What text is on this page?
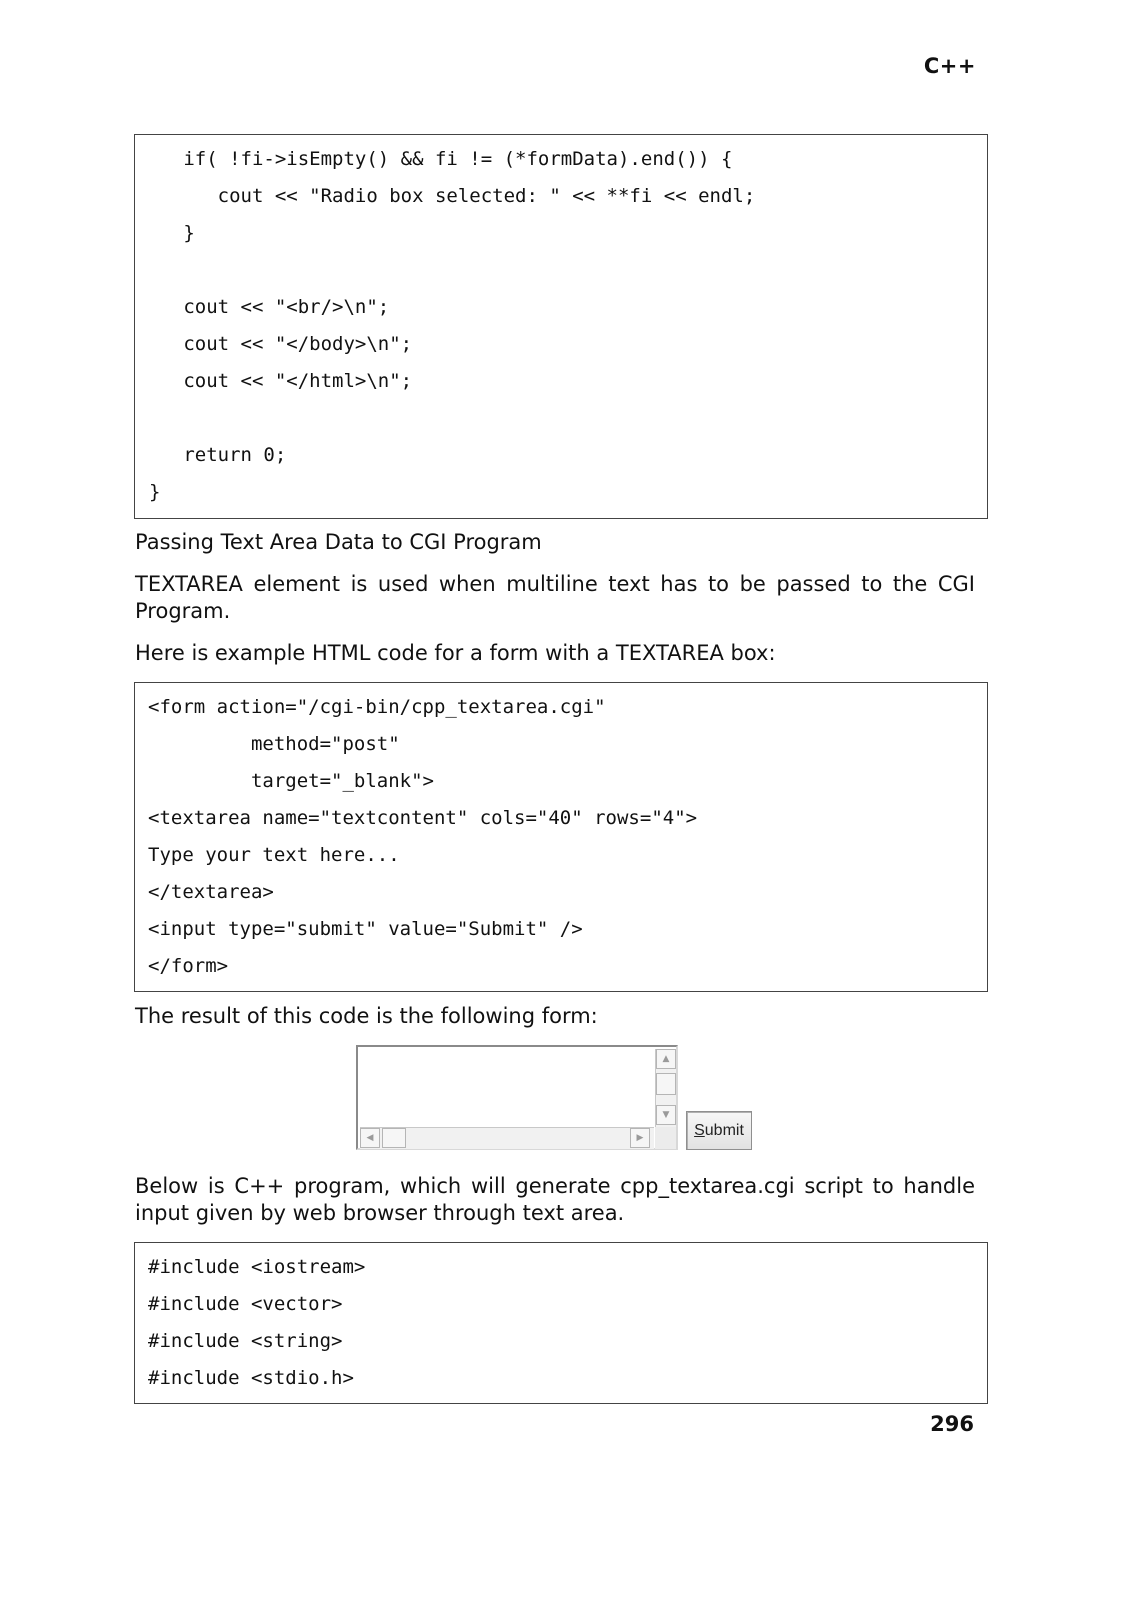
C++
if( !fi->isEmpty() && fi != (*formData).end()) {
cout << "Radio box selected: " << **fi << endl;
}
cout << "<br/>\n";
cout << "</body>\n";
cout << "</html>\n";
return 0;
}
Passing Text Area Data to CGI Program
TEXTAREA element is used when multiline text has to be passed to the CGI Program.
Here is example HTML code for a form with a TEXTAREA box:
<form action="/cgi-bin/cpp_textarea.cgi"
method="post"
target="_blank">
<textarea name="textcontent" cols="40" rows="4">
Type your text here...
</textarea>
<input type="submit" value="Submit" />
</form>
The result of this code is the following form:
▲
▼
◀	▶	Submit
Below is C++ program, which will generate cpp_textarea.cgi script to handle input given by web browser through text area.
#include <iostream>
#include <vector>
#include <string>
#include <stdio.h>
296
